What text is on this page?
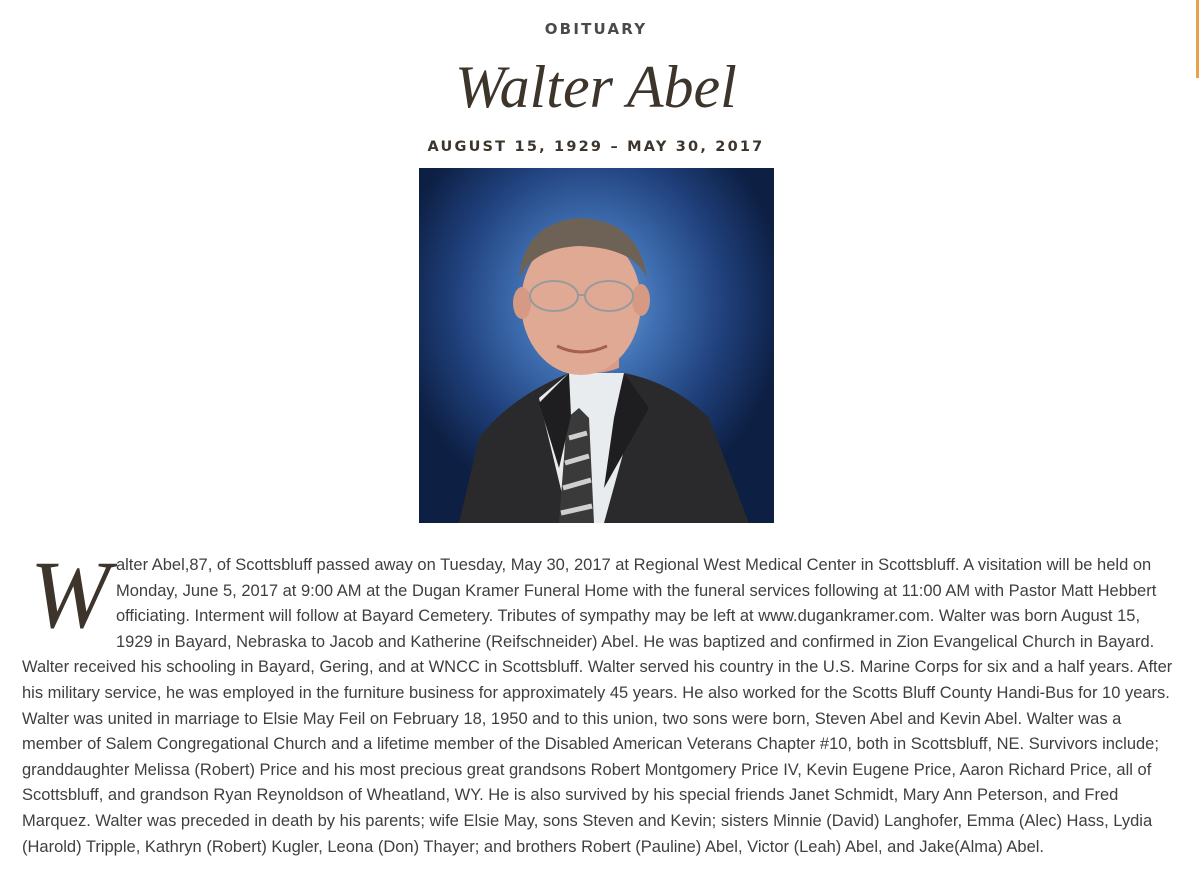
OBITUARY
Walter Abel
AUGUST 15, 1929 – MAY 30, 2017

Walter Abel,87, of Scottsbluff passed away on Tuesday, May 30, 2017 at Regional West Medical Center in Scottsbluff. A visitation will be held on Monday, June 5, 2017 at 9:00 AM at the Dugan Kramer Funeral Home with the funeral services following at 11:00 AM with Pastor Matt Hebbert officiating. Interment will follow at Bayard Cemetery. Tributes of sympathy may be left at www.dugankramer.com. Walter was born August 15, 1929 in Bayard, Nebraska to Jacob and Katherine (Reifschneider) Abel. He was baptized and confirmed in Zion Evangelical Church in Bayard. Walter received his schooling in Bayard, Gering, and at WNCC in Scottsbluff. Walter served his country in the U.S. Marine Corps for six and a half years. After his military service, he was employed in the furniture business for approximately 45 years. He also worked for the Scotts Bluff County Handi-Bus for 10 years. Walter was united in marriage to Elsie May Feil on February 18, 1950 and to this union, two sons were born, Steven Abel and Kevin Abel. Walter was a member of Salem Congregational Church and a lifetime member of the Disabled American Veterans Chapter #10, both in Scottsbluff, NE. Survivors include; granddaughter Melissa (Robert) Price and his most precious great grandsons Robert Montgomery Price IV, Kevin Eugene Price, Aaron Richard Price, all of Scottsbluff, and grandson Ryan Reynoldson of Wheatland, WY. He is also survived by his special friends Janet Schmidt, Mary Ann Peterson, and Fred Marquez. Walter was preceded in death by his parents; wife Elsie May, sons Steven and Kevin; sisters Minnie (David) Langhofer, Emma (Alec) Hass, Lydia (Harold) Tripple, Kathryn (Robert) Kugler, Leona (Don) Thayer; and brothers Robert (Pauline) Abel, Victor (Leah) Abel, and Jake(Alma) Abel.
